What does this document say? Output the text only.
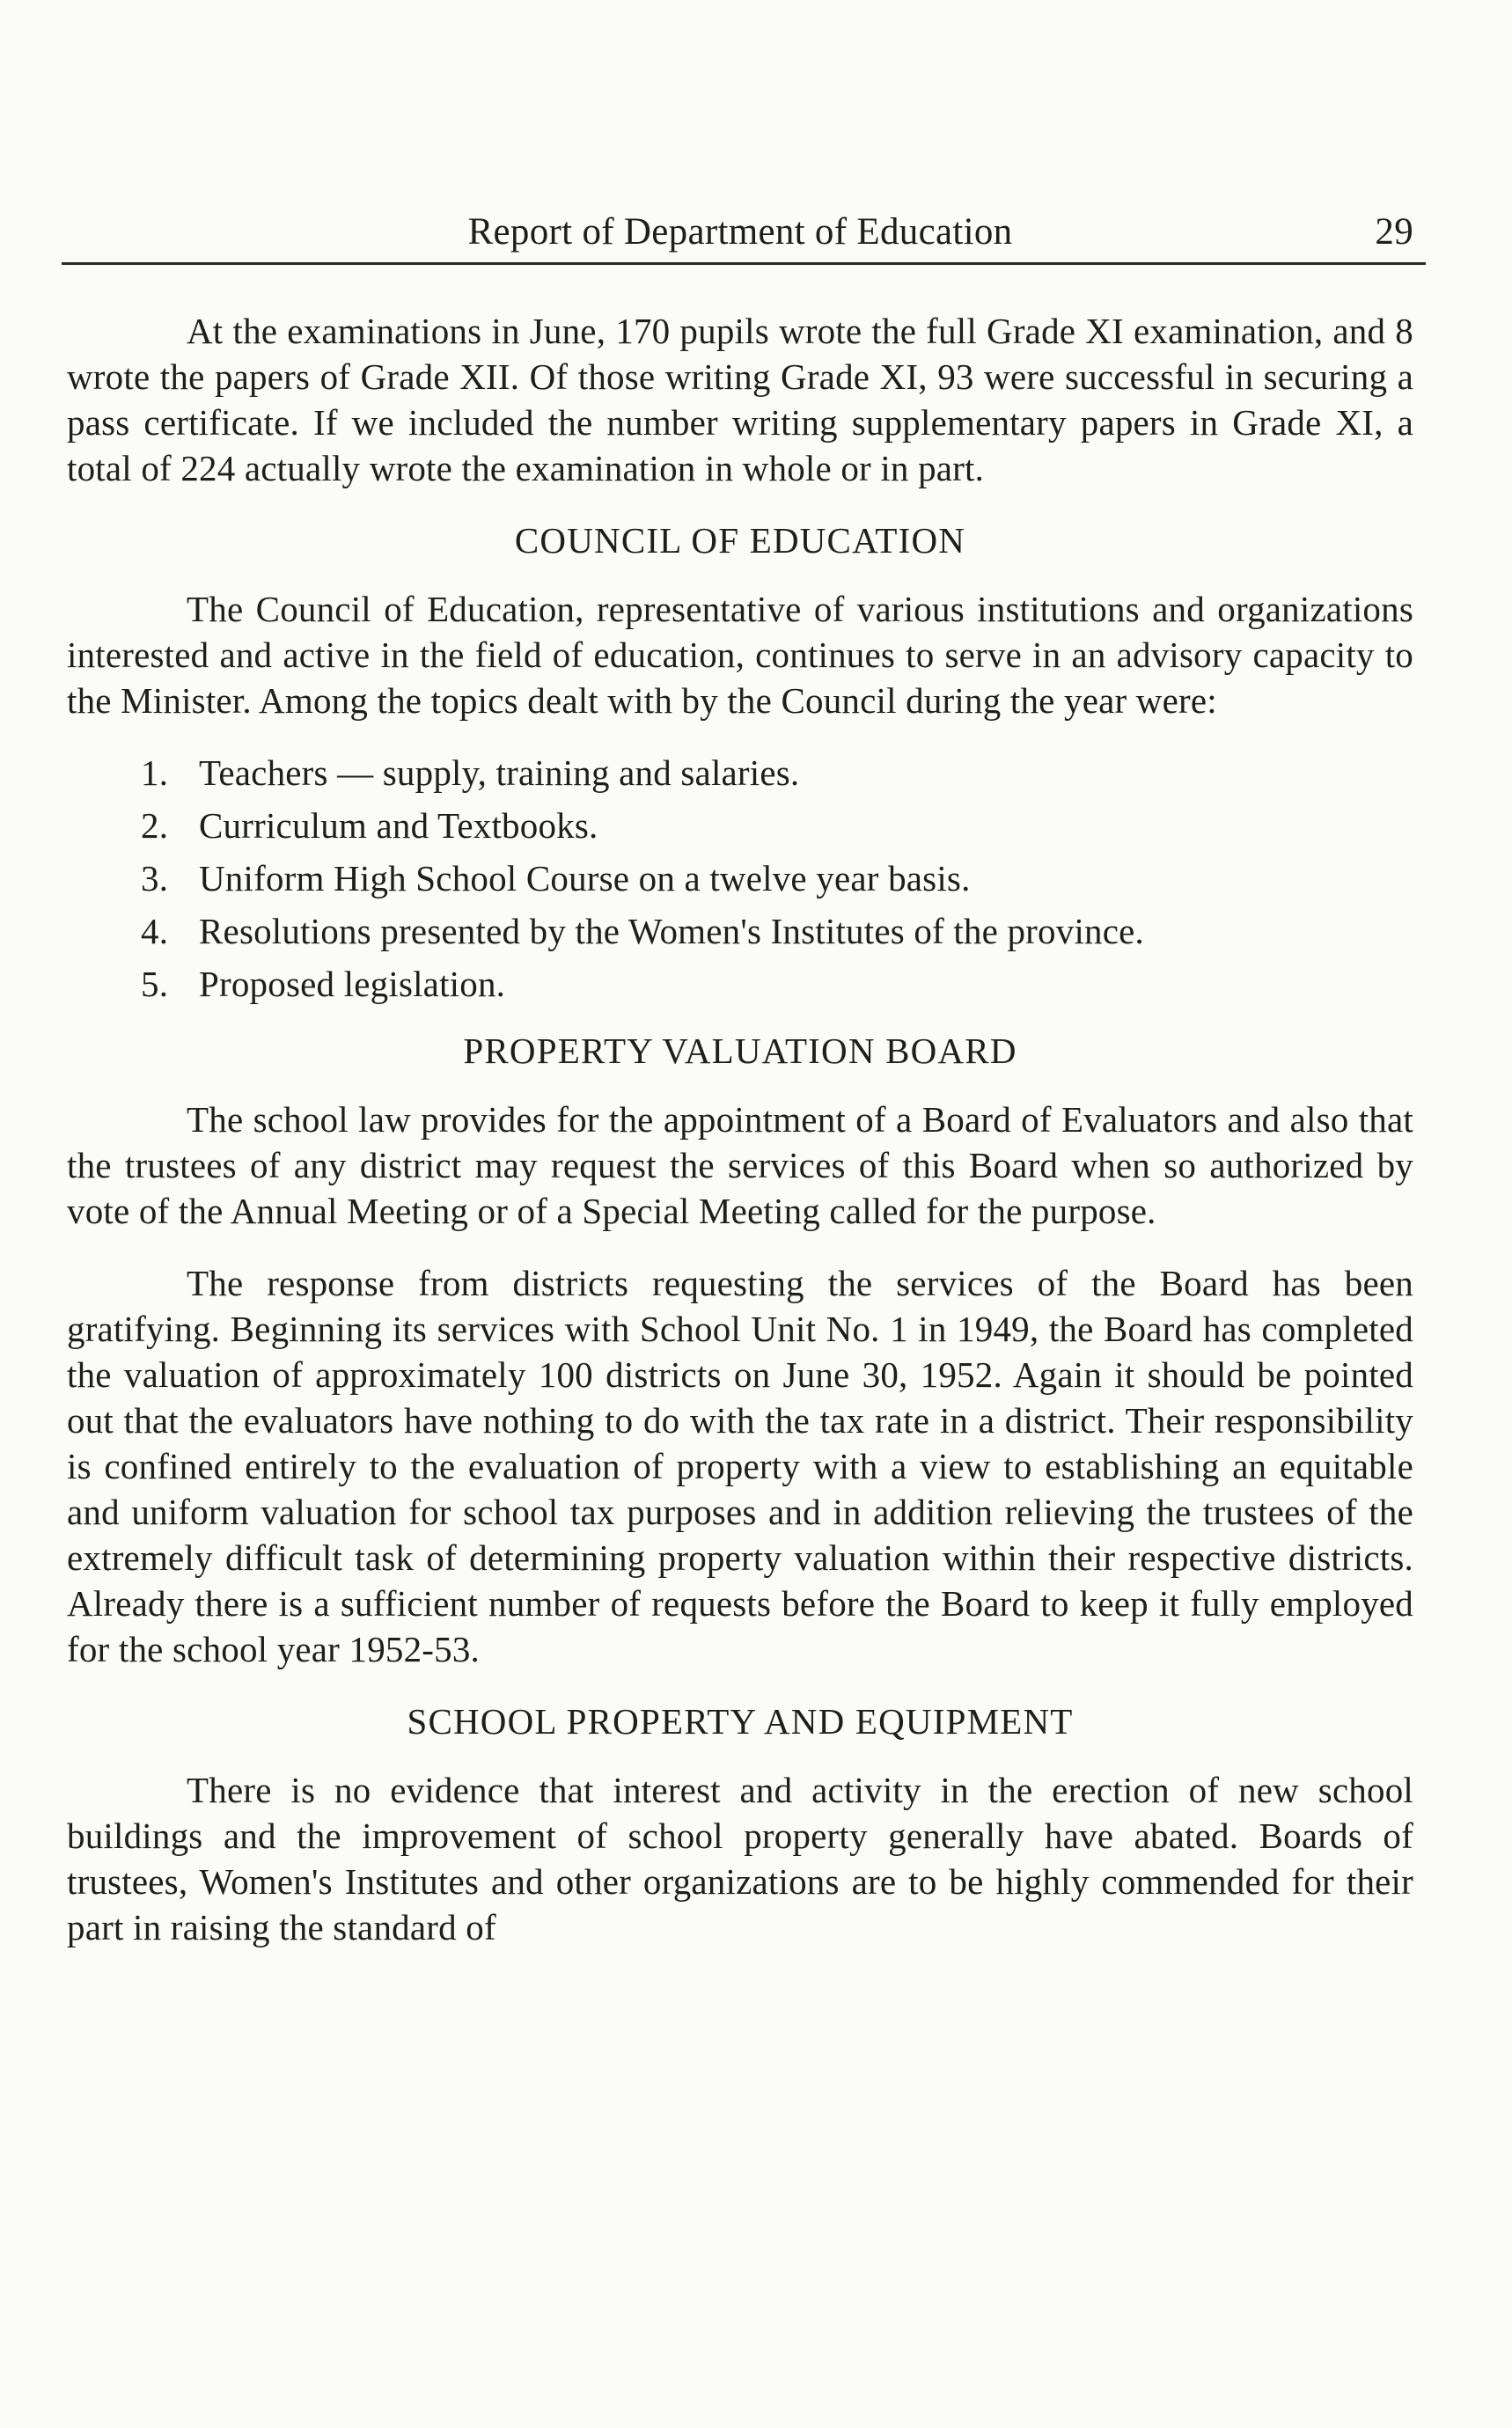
Report of Department of Education	29

At the examinations in June, 170 pupils wrote the full Grade XI examination, and 8 wrote the papers of Grade XII. Of those writing Grade XI, 93 were successful in securing a pass certificate. If we included the number writing supplementary papers in Grade XI, a total of 224 actually wrote the examination in whole or in part.

COUNCIL OF EDUCATION

The Council of Education, representative of various institutions and organizations interested and active in the field of education, continues to serve in an advisory capacity to the Minister. Among the topics dealt with by the Council during the year were:

1. Teachers — supply, training and salaries.
2. Curriculum and Textbooks.
3. Uniform High School Course on a twelve year basis.
4. Resolutions presented by the Women's Institutes of the province.
5. Proposed legislation.
PROPERTY VALUATION BOARD

The school law provides for the appointment of a Board of Evaluators and also that the trustees of any district may request the services of this Board when so authorized by vote of the Annual Meeting or of a Special Meeting called for the purpose.

The response from districts requesting the services of the Board has been gratifying. Beginning its services with School Unit No. 1 in 1949, the Board has completed the valuation of approximately 100 districts on June 30, 1952. Again it should be pointed out that the evaluators have nothing to do with the tax rate in a district. Their responsibility is confined entirely to the evaluation of property with a view to establishing an equitable and uniform valuation for school tax purposes and in addition relieving the trustees of the extremely difficult task of determining property valuation within their respective districts. Already there is a sufficient number of requests before the Board to keep it fully employed for the school year 1952-53.

SCHOOL PROPERTY AND EQUIPMENT

There is no evidence that interest and activity in the erection of new school buildings and the improvement of school property generally have abated. Boards of trustees, Women's Institutes and other organizations are to be highly commended for their part in raising the standard of
